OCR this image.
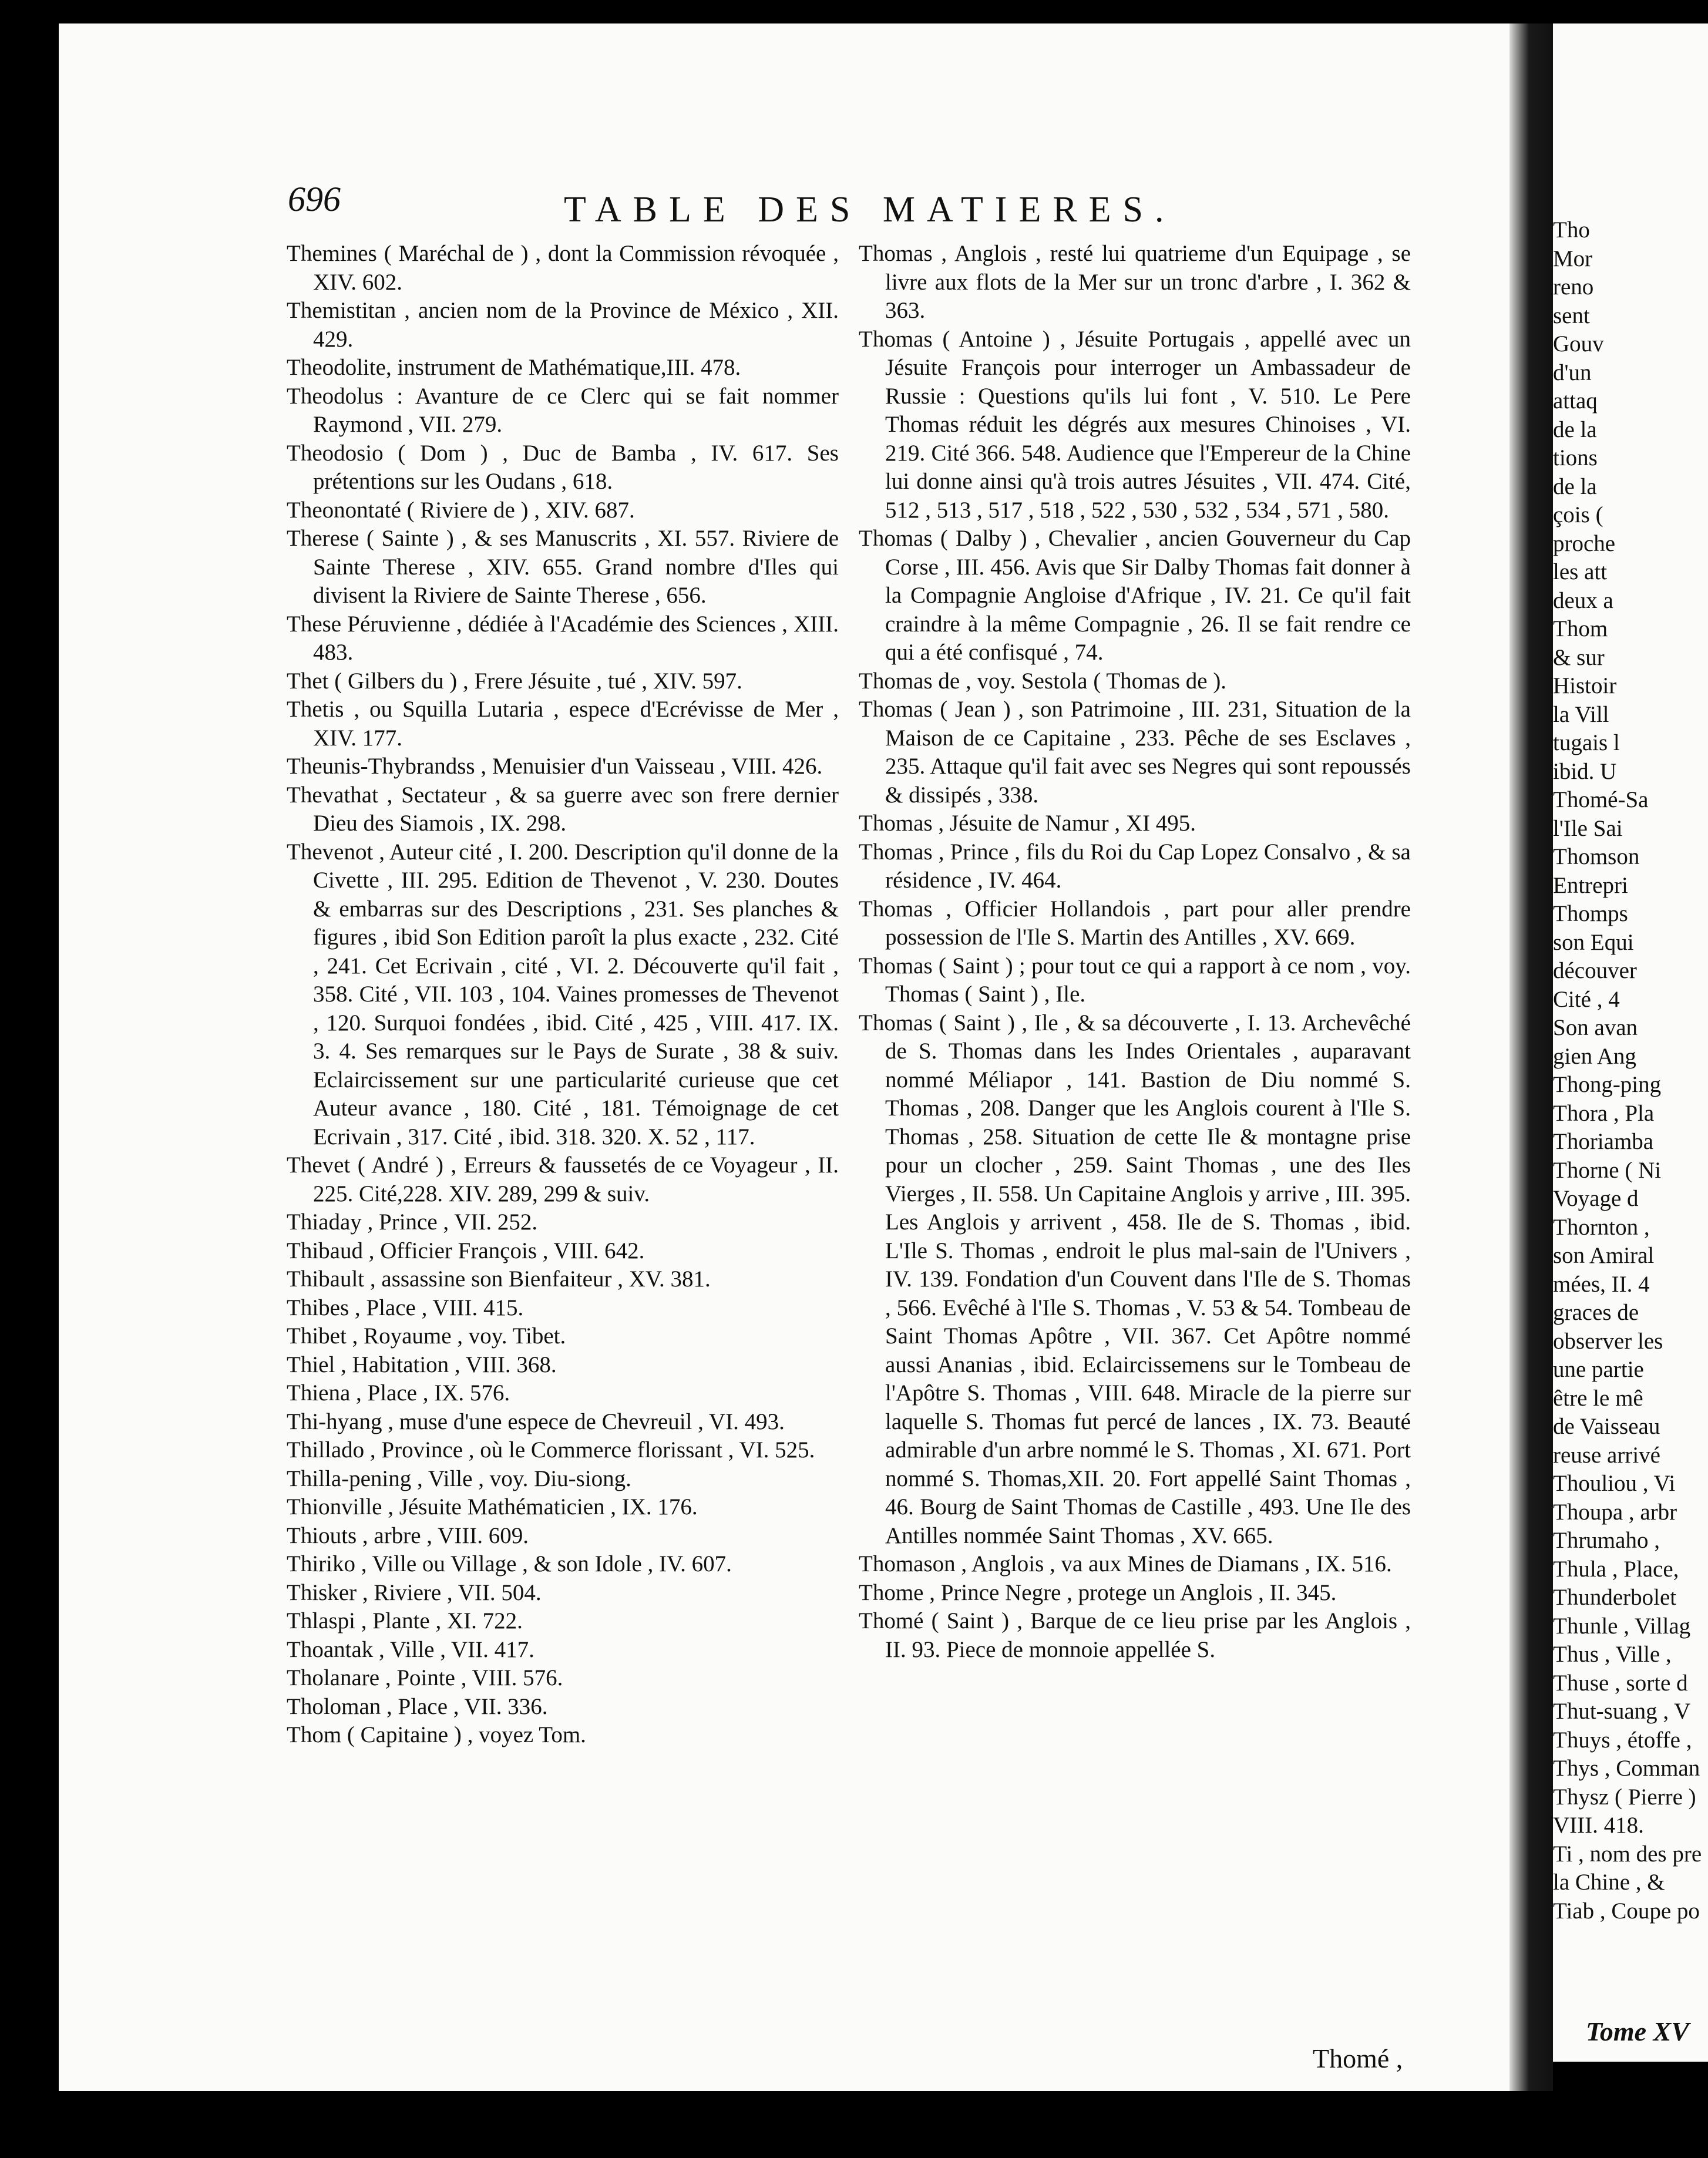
696	TABLE DES MATIERES.

Themines ( Maréchal de ) , dont la Commission révoquée , XIV. 602.

Themistitan , ancien nom de la Province de México , XII. 429.

Theodolite, instrument de Mathématique,III. 478.

Theodolus : Avanture de ce Clerc qui se fait nommer Raymond , VII. 279.

Theodosio ( Dom ) , Duc de Bamba , IV. 617. Ses prétentions sur les Oudans , 618.

Theonontaté ( Riviere de ) , XIV. 687.

Therese ( Sainte ) , & ses Manuscrits , XI. 557. Riviere de Sainte Therese , XIV. 655. Grand nombre d'Iles qui divisent la Riviere de Sainte Therese , 656.

These Péruvienne , dédiée à l'Académie des Sciences , XIII. 483.

Thet ( Gilbers du ) , Frere Jésuite , tué , XIV. 597.

Thetis , ou Squilla Lutaria , espece d'Ecrévisse de Mer , XIV. 177.

Theunis-Thybrandss , Menuisier d'un Vaisseau , VIII. 426.

Thevathat , Sectateur , & sa guerre avec son frere dernier Dieu des Siamois , IX. 298.

Thevenot , Auteur cité , I. 200. Description qu'il donne de la Civette , III. 295. Edition de Thevenot , V. 230. Doutes & embarras sur des Descriptions , 231. Ses planches & figures , ibid Son Edition paroît la plus exacte , 232. Cité , 241. Cet Ecrivain , cité , VI. 2. Découverte qu'il fait , 358. Cité , VII. 103 , 104. Vaines promesses de Thevenot , 120. Surquoi fondées , ibid. Cité , 425 , VIII. 417. IX. 3. 4. Ses remarques sur le Pays de Surate , 38 & suiv. Eclaircissement sur une particularité curieuse que cet Auteur avance , 180. Cité , 181. Témoignage de cet Ecrivain , 317. Cité , ibid. 318. 320. X. 52 , 117.

Thevet ( André ) , Erreurs & faussetés de ce Voyageur , II. 225. Cité,228. XIV. 289, 299 & suiv.

Thiaday , Prince , VII. 252.

Thibaud , Officier François , VIII. 642.

Thibault , assassine son Bienfaiteur , XV. 381.

Thibes , Place , VIII. 415.

Thibet , Royaume , voy. Tibet.

Thiel , Habitation , VIII. 368.

Thiena , Place , IX. 576.

Thi-hyang , muse d'une espece de Chevreuil , VI. 493.

Thillado , Province , où le Commerce florissant , VI. 525.

Thilla-pening , Ville , voy. Diu-siong.

Thionville , Jésuite Mathématicien , IX. 176.

Thiouts , arbre , VIII. 609.

Thiriko , Ville ou Village , & son Idole , IV. 607.

Thisker , Riviere , VII. 504.

Thlaspi , Plante , XI. 722.

Thoantak , Ville , VII. 417.

Tholanare , Pointe , VIII. 576.

Tholoman , Place , VII. 336.

Thom ( Capitaine ) , voyez Tom.

Thomas , Anglois , resté lui quatrieme d'un Equipage , se livre aux flots de la Mer sur un tronc d'arbre , I. 362 & 363.

Thomas ( Antoine ) , Jésuite Portugais , appellé avec un Jésuite François pour interroger un Ambassadeur de Russie : Questions qu'ils lui font , V. 510. Le Pere Thomas réduit les dégrés aux mesures Chinoises , VI. 219. Cité 366. 548. Audience que l'Empereur de la Chine lui donne ainsi qu'à trois autres Jésuites , VII. 474. Cité, 512 , 513 , 517 , 518 , 522 , 530 , 532 , 534 , 571 , 580.

Thomas ( Dalby ) , Chevalier , ancien Gouverneur du Cap Corse , III. 456. Avis que Sir Dalby Thomas fait donner à la Compagnie Angloise d'Afrique , IV. 21. Ce qu'il fait craindre à la même Compagnie , 26. Il se fait rendre ce qui a été confisqué , 74.

Thomas de , voy. Sestola ( Thomas de ).

Thomas ( Jean ) , son Patrimoine , III. 231, Situation de la Maison de ce Capitaine , 233. Pêche de ses Esclaves , 235. Attaque qu'il fait avec ses Negres qui sont repoussés & dissipés , 338.

Thomas , Jésuite de Namur , XI 495.

Thomas , Prince , fils du Roi du Cap Lopez Consalvo , & sa résidence , IV. 464.

Thomas , Officier Hollandois , part pour aller prendre possession de l'Ile S. Martin des Antilles , XV. 669.

Thomas ( Saint ) ; pour tout ce qui a rapport à ce nom , voy. Thomas ( Saint ) , Ile.

Thomas ( Saint ) , Ile , & sa découverte , I. 13. Archevêché de S. Thomas dans les Indes Orientales , auparavant nommé Méliapor , 141. Bastion de Diu nommé S. Thomas , 208. Danger que les Anglois courent à l'Ile S. Thomas , 258. Situation de cette Ile & montagne prise pour un clocher , 259. Saint Thomas , une des Iles Vierges , II. 558. Un Capitaine Anglois y arrive , III. 395. Les Anglois y arrivent , 458. Ile de S. Thomas , ibid. L'Ile S. Thomas , endroit le plus mal-sain de l'Univers , IV. 139. Fondation d'un Couvent dans l'Ile de S. Thomas , 566. Evêché à l'Ile S. Thomas , V. 53 & 54. Tombeau de Saint Thomas Apôtre , VII. 367. Cet Apôtre nommé aussi Ananias , ibid. Eclaircissemens sur le Tombeau de l'Apôtre S. Thomas , VIII. 648. Miracle de la pierre sur laquelle S. Thomas fut percé de lances , IX. 73. Beauté admirable d'un arbre nommé le S. Thomas , XI. 671. Port nommé S. Thomas,XII. 20. Fort appellé Saint Thomas , 46. Bourg de Saint Thomas de Castille , 493. Une Ile des Antilles nommée Saint Thomas , XV. 665.

Thomason , Anglois , va aux Mines de Diamans , IX. 516.

Thome , Prince Negre , protege un Anglois , II. 345.

Thomé ( Saint ) , Barque de ce lieu prise par les Anglois , II. 93. Piece de monnoie appellée S.

Thomé ,
Tho
Mor
reno
sent
Gouv
d'un
attaq
de la
tions
de la
çois (
proche
les att
deux a
Thom
& sur
Histoir
la Vill
tugais l
ibid. U
Thomé-Sa
l'Ile Sai
Thomson
Entrepri
Thomps
son Equi
découver
Cité , 4
Son avan
gien Ang
Thong-ping
Thora , Pla
Thoriamba
Thorne ( Ni
Voyage d
Thornton ,
son Amiral
mées, II. 4
graces de
observer les
une partie
être le mê
de Vaisseau
reuse arrivé
Thouliou , Vi
Thoupa , arbr
Thrumaho ,
Thula , Place,
Thunderbolet
Thunle , Villag
Thus , Ville ,
Thuse , sorte d
Thut-suang , V
Thuys , étoffe ,
Thys , Comman
Thysz ( Pierre )
VIII. 418.
Ti , nom des pre
la Chine , &
Tiab , Coupe po
Tome XV
